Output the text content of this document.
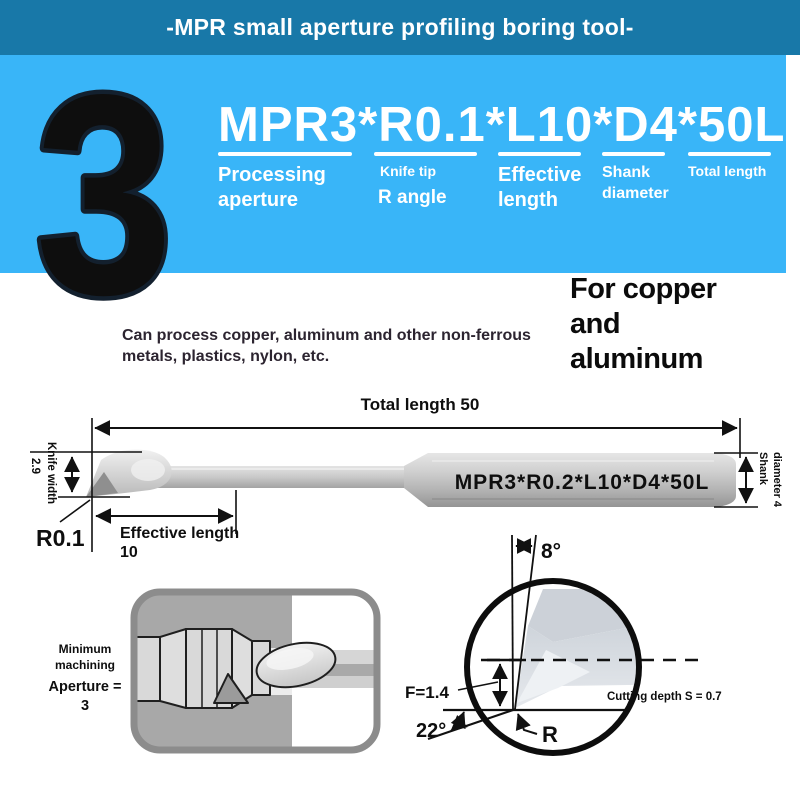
-MPR small aperture profiling boring tool-
MPR3*R0.1*L10*D4*50L
Processing
aperture
Knife tip
R angle
Effective
length
Shank
diameter
Total length
3	For copper and aluminum
Can process copper, aluminum and other non-ferrous metals, plastics, nylon, etc.
MPR3*R0.2*L10*D4*50L
Total length 50
2.9 Knife width
R0.1 Effective length
10
Shank diameter 4
Minimum
machining
Aperture =
3
8°
F=1.4
22°	R
Cutting depth S = 0.7
